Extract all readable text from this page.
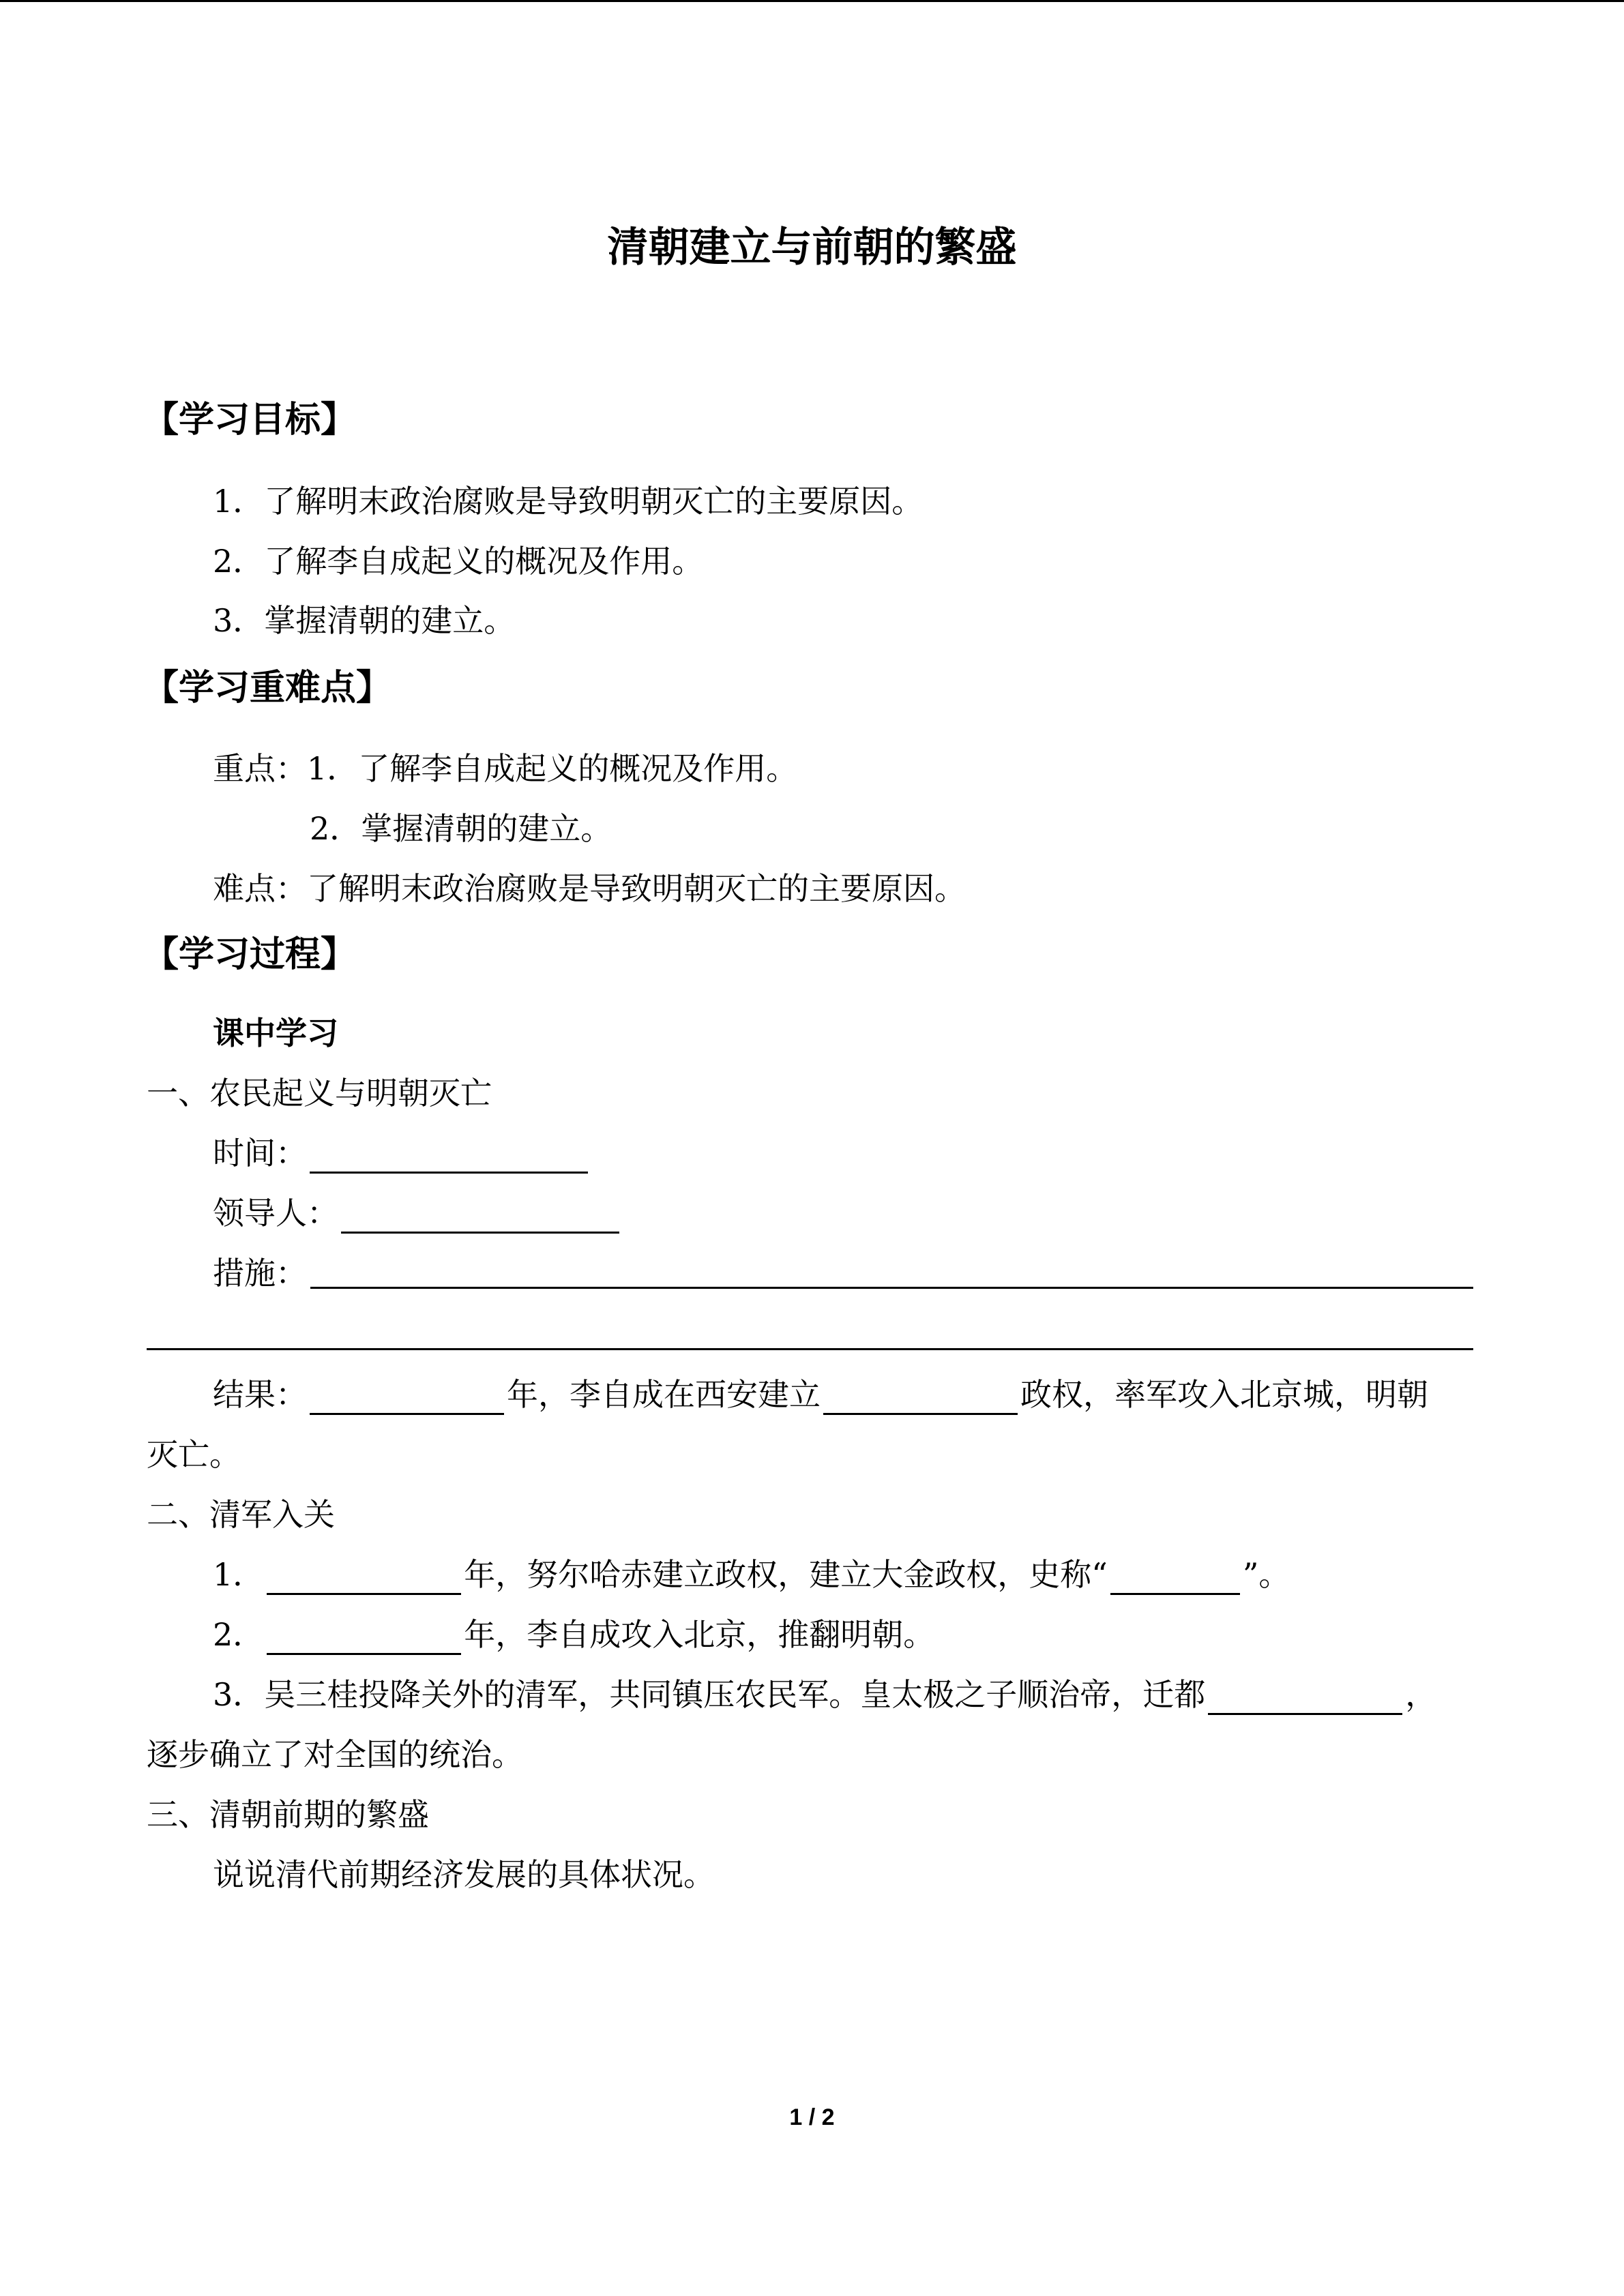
清朝建立与前朝的繁盛
【学习目标】
1．了解明末政治腐败是导致明朝灭亡的主要原因。
2．了解李自成起义的概况及作用。
3．掌握清朝的建立。
【学习重难点】
重点：1．了解李自成起义的概况及作用。
2．掌握清朝的建立。
难点：了解明末政治腐败是导致明朝灭亡的主要原因。
【学习过程】
课中学习
一、农民起义与明朝灭亡
时间：
领导人：
措施：
结果：	年，李自成在西安建立	政权，率军攻入北京城，明朝
灭亡。
二、清军入关
1．	年，努尔哈赤建立政权，建立大金政权，史称“	”。
2．	年，李自成攻入北京，推翻明朝。
3．吴三桂投降关外的清军，共同镇压农民军。皇太极之子顺治帝，迁都	，
逐步确立了对全国的统治。
三、清朝前期的繁盛
说说清代前期经济发展的具体状况。
1 / 2
